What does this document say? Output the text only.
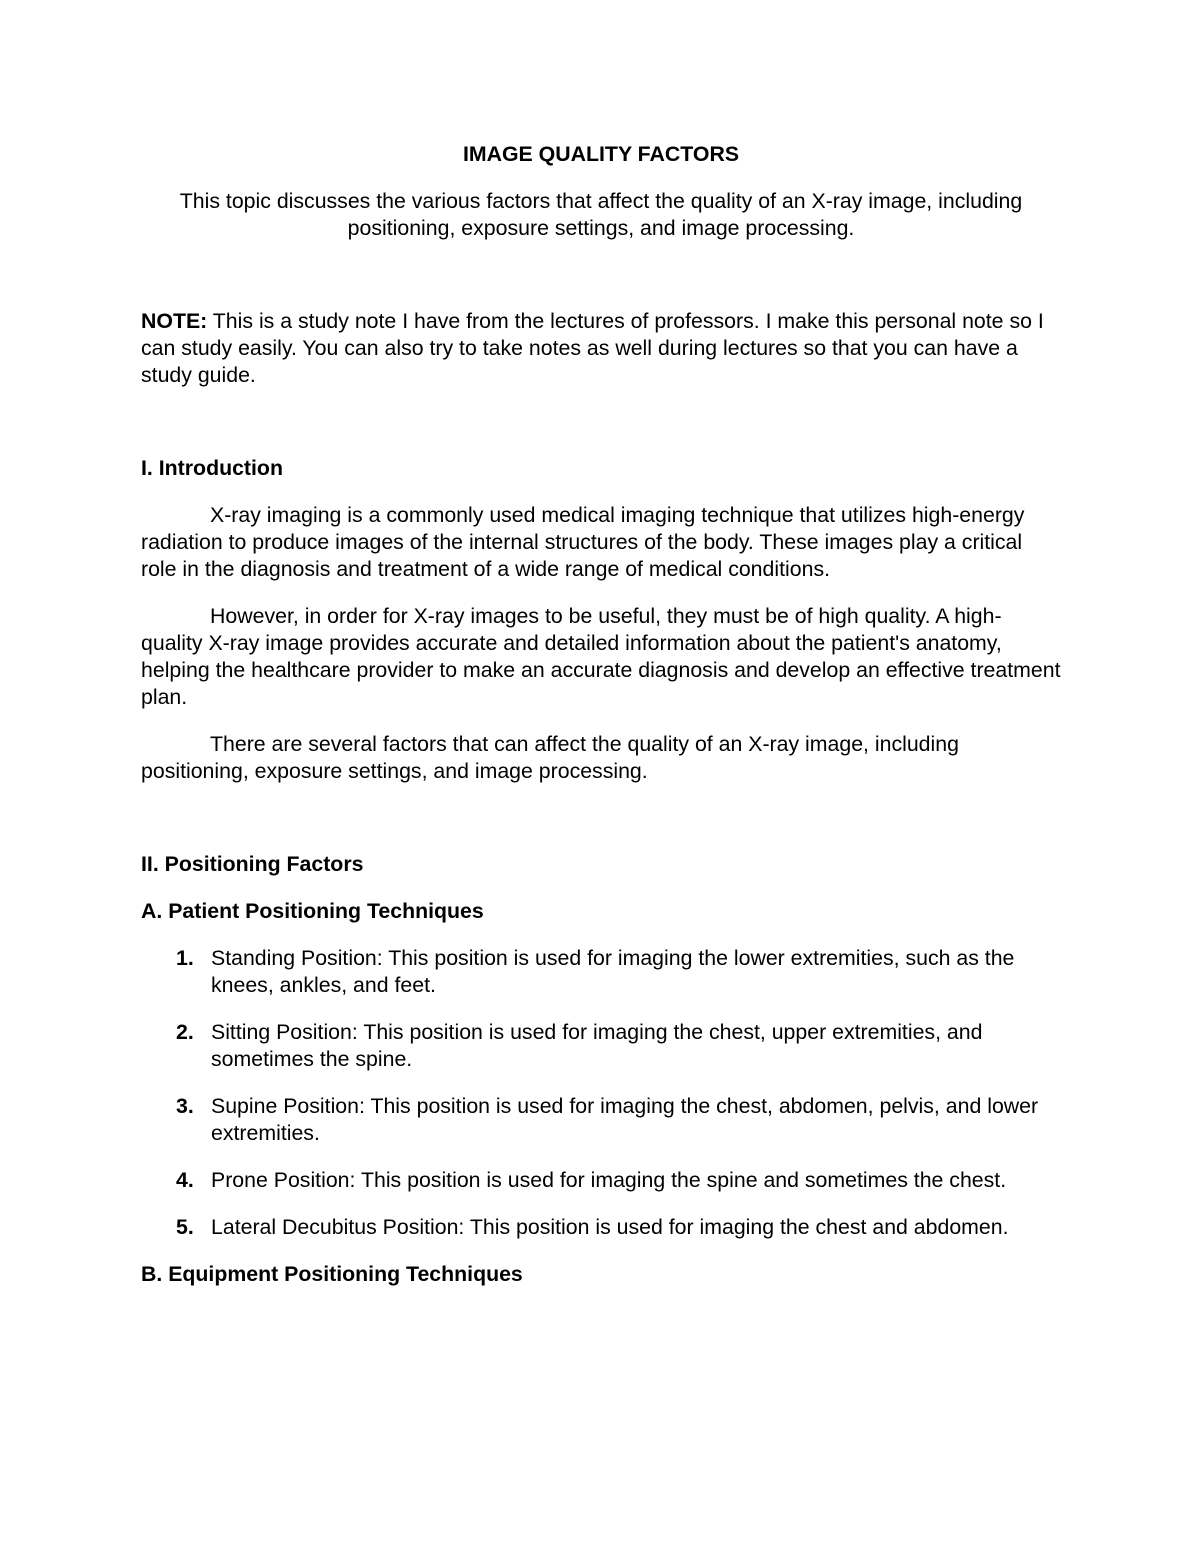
IMAGE QUALITY FACTORS

This topic discusses the various factors that affect the quality of an X-ray image, including positioning, exposure settings, and image processing.

NOTE: This is a study note I have from the lectures of professors. I make this personal note so I can study easily. You can also try to take notes as well during lectures so that you can have a study guide.

I. Introduction

X-ray imaging is a commonly used medical imaging technique that utilizes high-energy radiation to produce images of the internal structures of the body. These images play a critical role in the diagnosis and treatment of a wide range of medical conditions.

However, in order for X-ray images to be useful, they must be of high quality. A high-quality X-ray image provides accurate and detailed information about the patient's anatomy, helping the healthcare provider to make an accurate diagnosis and develop an effective treatment plan.

There are several factors that can affect the quality of an X-ray image, including positioning, exposure settings, and image processing.

II. Positioning Factors

A. Patient Positioning Techniques

1. Standing Position: This position is used for imaging the lower extremities, such as the knees, ankles, and feet.
2. Sitting Position: This position is used for imaging the chest, upper extremities, and sometimes the spine.
3. Supine Position: This position is used for imaging the chest, abdomen, pelvis, and lower extremities.
4. Prone Position: This position is used for imaging the spine and sometimes the chest.
5. Lateral Decubitus Position: This position is used for imaging the chest and abdomen.

B. Equipment Positioning Techniques
